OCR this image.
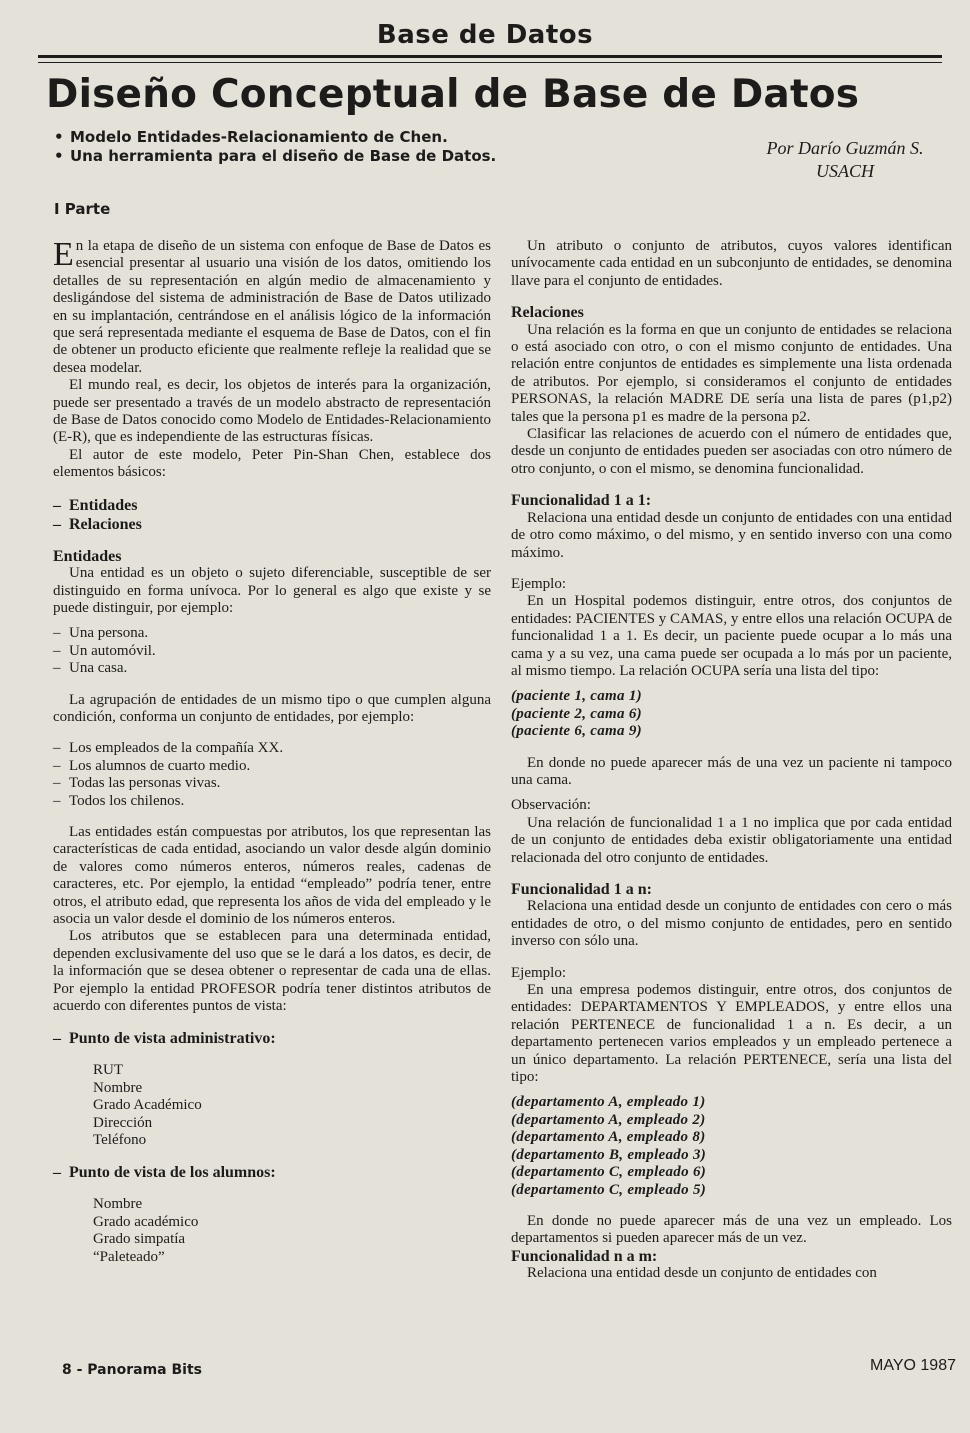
Base de Datos
Diseño Conceptual de Base de Datos
• Modelo Entidades-Relacionamiento de Chen.
• Una herramienta para el diseño de Base de Datos.
I Parte
Por Darío Guzmán S.
USACH

En la etapa de diseño de un sistema con enfoque de Base de Datos es esencial presentar al usuario una visión de los datos, omitiendo los detalles de su representación en algún medio de almacenamiento y desligándose del sistema de administración de Base de Datos utilizado en su implantación, centrándose en el análisis lógico de la información que será representada mediante el esquema de Base de Datos, con el fin de obtener un producto eficiente que realmente refleje la realidad que se desea modelar.

El mundo real, es decir, los objetos de interés para la organización, puede ser presentado a través de un modelo abstracto de representación de Base de Datos conocido como Modelo de Entidades-Relacionamiento (E-R), que es independiente de las estructuras físicas.

El autor de este modelo, Peter Pin-Shan Chen, establece dos elementos básicos:

– Entidades
– Relaciones
Entidades

Una entidad es un objeto o sujeto diferenciable, susceptible de ser distinguido en forma unívoca. Por lo general es algo que existe y se puede distinguir, por ejemplo:

– Una persona.
– Un automóvil.
– Una casa.

La agrupación de entidades de un mismo tipo o que cumplen alguna condición, conforma un conjunto de entidades, por ejemplo:

– Los empleados de la compañía XX.
– Los alumnos de cuarto medio.
– Todas las personas vivas.
– Todos los chilenos.

Las entidades están compuestas por atributos, los que representan las características de cada entidad, asociando un valor desde algún dominio de valores como números enteros, números reales, cadenas de caracteres, etc. Por ejemplo, la entidad “empleado” podría tener, entre otros, el atributo edad, que representa los años de vida del empleado y le asocia un valor desde el dominio de los números enteros.

Los atributos que se establecen para una determinada entidad, dependen exclusivamente del uso que se le dará a los datos, es decir, de la información que se desea obtener o representar de cada una de ellas. Por ejemplo la entidad PROFESOR podría tener distintos atributos de acuerdo con diferentes puntos de vista:

– Punto de vista administrativo:
RUT
Nombre
Grado Académico
Dirección
Teléfono
– Punto de vista de los alumnos:
Nombre
Grado académico
Grado simpatía
“Paleteado”

Un atributo o conjunto de atributos, cuyos valores identifican unívocamente cada entidad en un subconjunto de entidades, se denomina llave para el conjunto de entidades.

Relaciones

Una relación es la forma en que un conjunto de entidades se relaciona o está asociado con otro, o con el mismo conjunto de entidades. Una relación entre conjuntos de entidades es simplemente una lista ordenada de atributos. Por ejemplo, si consideramos el conjunto de entidades PERSONAS, la relación MADRE DE sería una lista de pares (p1,p2) tales que la persona p1 es madre de la persona p2.

Clasificar las relaciones de acuerdo con el número de entidades que, desde un conjunto de entidades pueden ser asociadas con otro número de otro conjunto, o con el mismo, se denomina funcionalidad.

Funcionalidad 1 a 1:

Relaciona una entidad desde un conjunto de entidades con una entidad de otro como máximo, o del mismo, y en sentido inverso con una como máximo.

Ejemplo:

En un Hospital podemos distinguir, entre otros, dos conjuntos de entidades: PACIENTES y CAMAS, y entre ellos una relación OCUPA de funcionalidad 1 a 1. Es decir, un paciente puede ocupar a lo más una cama y a su vez, una cama puede ser ocupada a lo más por un paciente, al mismo tiempo. La relación OCUPA sería una lista del tipo:

(paciente 1, cama 1)
(paciente 2, cama 6)
(paciente 6, cama 9)

En donde no puede aparecer más de una vez un paciente ni tampoco una cama.

Observación:

Una relación de funcionalidad 1 a 1 no implica que por cada entidad de un conjunto de entidades deba existir obligatoriamente una entidad relacionada del otro conjunto de entidades.

Funcionalidad 1 a n:

Relaciona una entidad desde un conjunto de entidades con cero o más entidades de otro, o del mismo conjunto de entidades, pero en sentido inverso con sólo una.

Ejemplo:

En una empresa podemos distinguir, entre otros, dos conjuntos de entidades: DEPARTAMENTOS Y EMPLEADOS, y entre ellos una relación PERTENECE de funcionalidad 1 a n. Es decir, a un departamento pertenecen varios empleados y un empleado pertenece a un único departamento. La relación PERTENECE, sería una lista del tipo:

(departamento A, empleado 1)
(departamento A, empleado 2)
(departamento A, empleado 8)
(departamento B, empleado 3)
(departamento C, empleado 6)
(departamento C, empleado 5)

En donde no puede aparecer más de una vez un empleado. Los departamentos si pueden aparecer más de un vez.

Funcionalidad n a m:

Relaciona una entidad desde un conjunto de entidades con

8 - Panorama Bits	MAYO 1987
